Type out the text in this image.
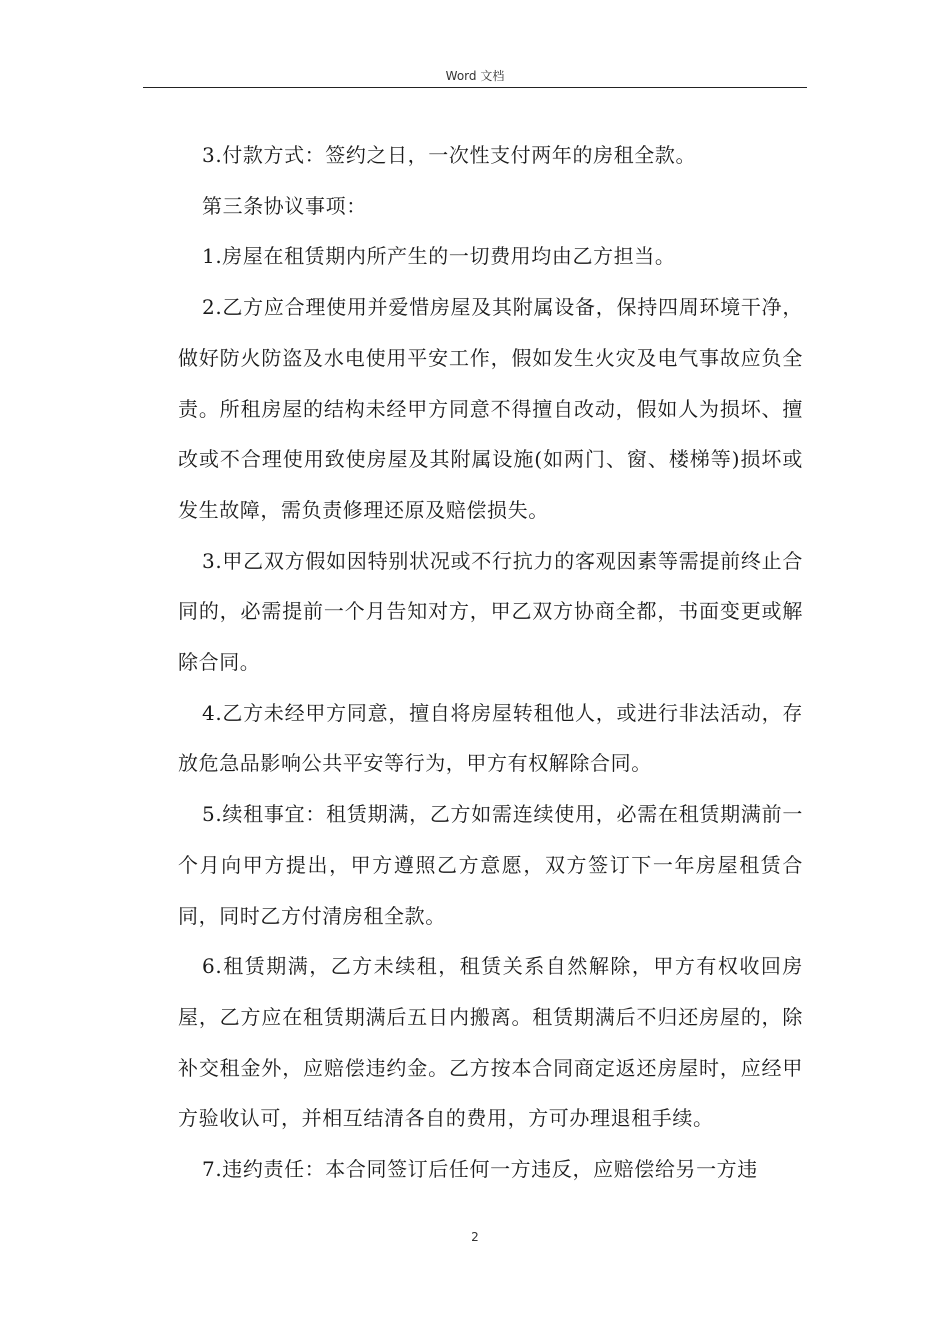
Word 文档

3.付款方式：签约之日，一次性支付两年的房租全款。

第三条协议事项：

1.房屋在租赁期内所产生的一切费用均由乙方担当。

2.乙方应合理使用并爱惜房屋及其附属设备，保持四周环境干净，做好防火防盗及水电使用平安工作，假如发生火灾及电气事故应负全责。所租房屋的结构未经甲方同意不得擅自改动，假如人为损坏、擅改或不合理使用致使房屋及其附属设施(如两门、窗、楼梯等)损坏或发生故障，需负责修理还原及赔偿损失。

3.甲乙双方假如因特别状况或不行抗力的客观因素等需提前终止合同的，必需提前一个月告知对方，甲乙双方协商全都，书面变更或解除合同。

4.乙方未经甲方同意，擅自将房屋转租他人，或进行非法活动，存放危急品影响公共平安等行为，甲方有权解除合同。

5.续租事宜：租赁期满，乙方如需连续使用，必需在租赁期满前一个月向甲方提出，甲方遵照乙方意愿，双方签订下一年房屋租赁合同，同时乙方付清房租全款。

6.租赁期满，乙方未续租，租赁关系自然解除，甲方有权收回房屋，乙方应在租赁期满后五日内搬离。租赁期满后不归还房屋的，除补交租金外，应赔偿违约金。乙方按本合同商定返还房屋时，应经甲方验收认可，并相互结清各自的费用，方可办理退租手续。

7.违约责任：本合同签订后任何一方违反，应赔偿给另一方违

2
